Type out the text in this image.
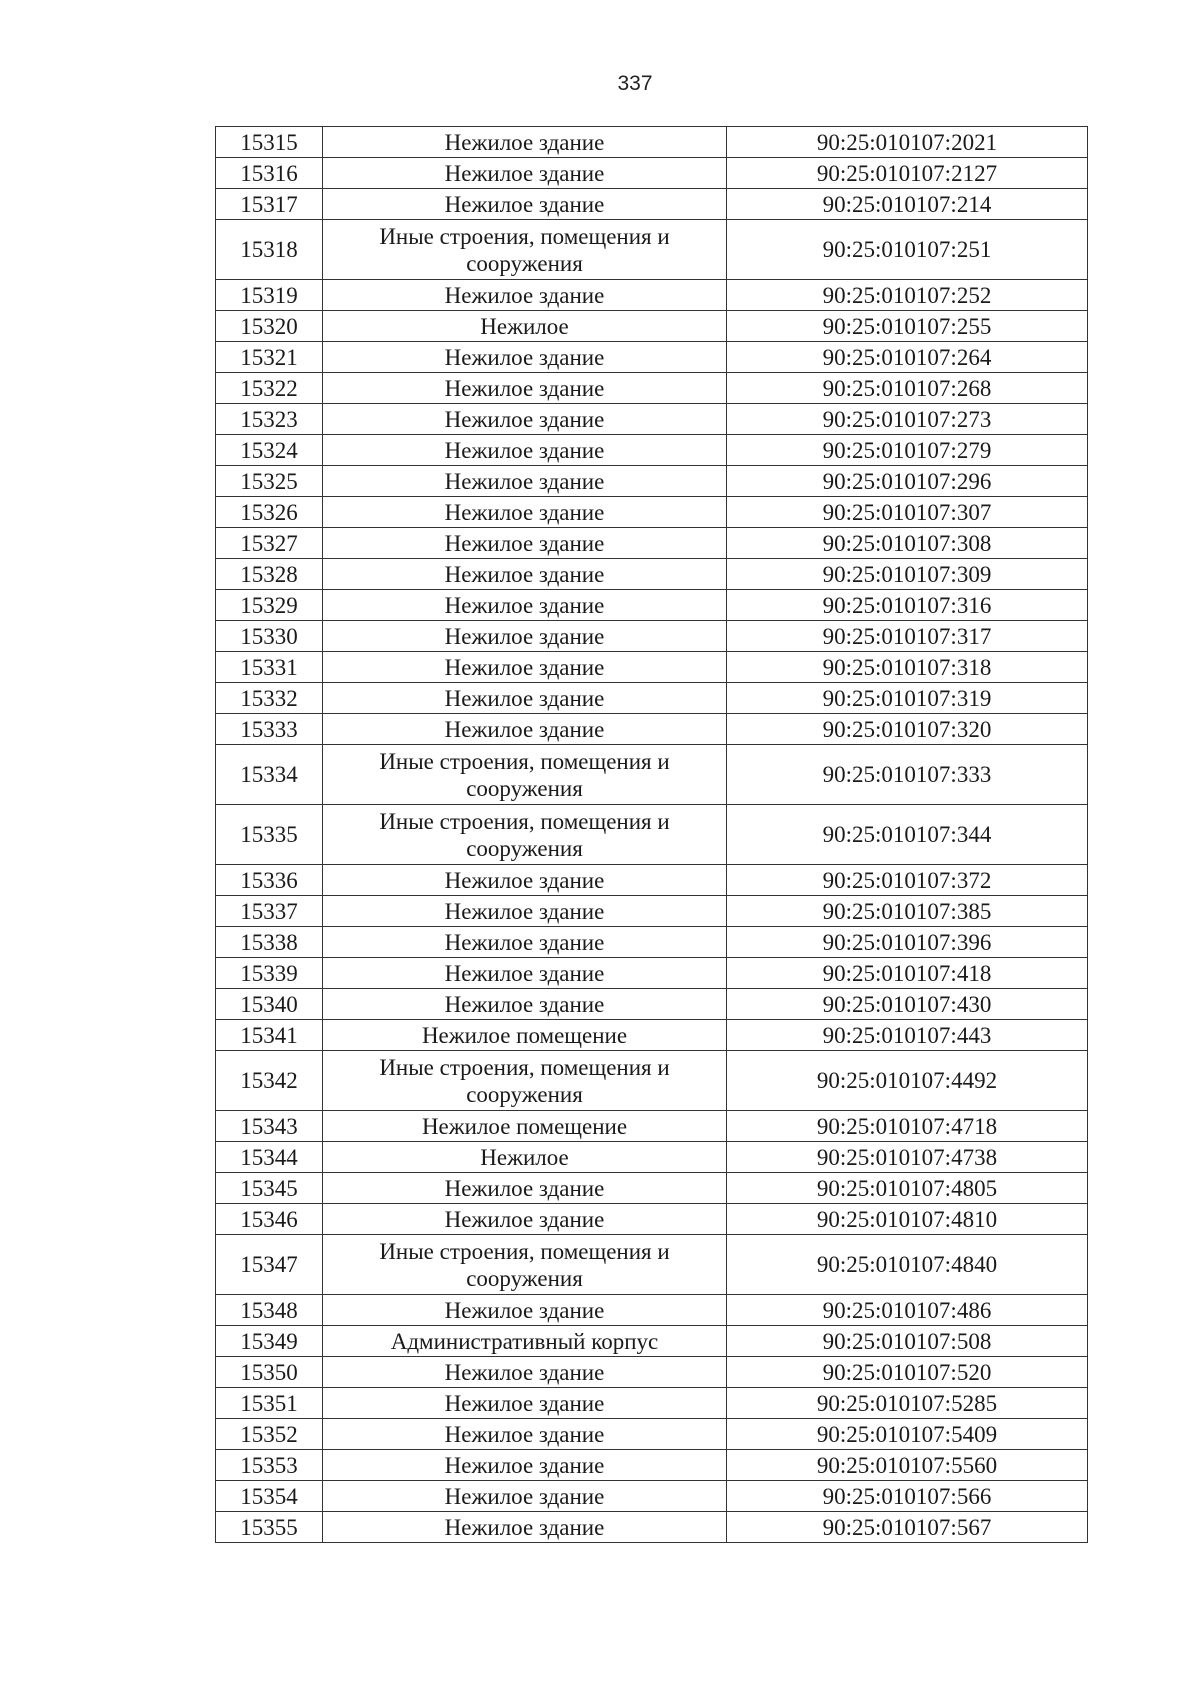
337
15315	Нежилое здание	90:25:010107:2021
15316	Нежилое здание	90:25:010107:2127
15317	Нежилое здание	90:25:010107:214
15318	Иные строения, помещения и сооружения	90:25:010107:251
15319	Нежилое здание	90:25:010107:252
15320	Нежилое	90:25:010107:255
15321	Нежилое здание	90:25:010107:264
15322	Нежилое здание	90:25:010107:268
15323	Нежилое здание	90:25:010107:273
15324	Нежилое здание	90:25:010107:279
15325	Нежилое здание	90:25:010107:296
15326	Нежилое здание	90:25:010107:307
15327	Нежилое здание	90:25:010107:308
15328	Нежилое здание	90:25:010107:309
15329	Нежилое здание	90:25:010107:316
15330	Нежилое здание	90:25:010107:317
15331	Нежилое здание	90:25:010107:318
15332	Нежилое здание	90:25:010107:319
15333	Нежилое здание	90:25:010107:320
15334	Иные строения, помещения и сооружения	90:25:010107:333
15335	Иные строения, помещения и сооружения	90:25:010107:344
15336	Нежилое здание	90:25:010107:372
15337	Нежилое здание	90:25:010107:385
15338	Нежилое здание	90:25:010107:396
15339	Нежилое здание	90:25:010107:418
15340	Нежилое здание	90:25:010107:430
15341	Нежилое помещение	90:25:010107:443
15342	Иные строения, помещения и сооружения	90:25:010107:4492
15343	Нежилое помещение	90:25:010107:4718
15344	Нежилое	90:25:010107:4738
15345	Нежилое здание	90:25:010107:4805
15346	Нежилое здание	90:25:010107:4810
15347	Иные строения, помещения и сооружения	90:25:010107:4840
15348	Нежилое здание	90:25:010107:486
15349	Административный корпус	90:25:010107:508
15350	Нежилое здание	90:25:010107:520
15351	Нежилое здание	90:25:010107:5285
15352	Нежилое здание	90:25:010107:5409
15353	Нежилое здание	90:25:010107:5560
15354	Нежилое здание	90:25:010107:566
15355	Нежилое здание	90:25:010107:567
